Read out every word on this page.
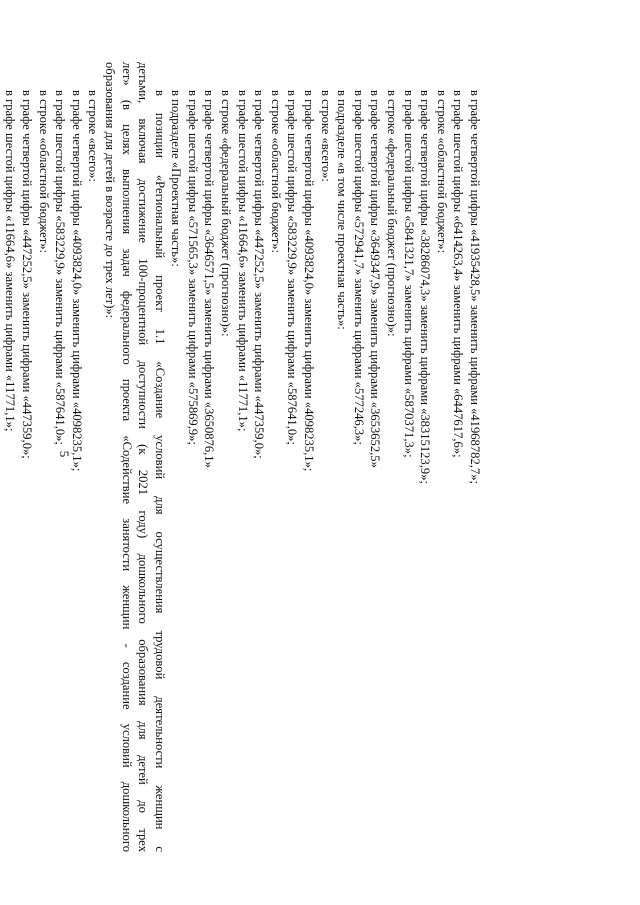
5	в графе четвертой цифры «41935428,5» заменить цифрами «41968782,7»;
в графе шестой цифры «6414263,4» заменить цифрами «6447617,6»;
в строке «областной бюджет»:
в графе четвертой цифры «38286074,3» заменить цифрами «38315123,9»;
в графе шестой цифры «5841321,7» заменить цифрами «5870371,3»;
в строке «федеральный бюджет (прогнозно)»:
в графе четвертой цифры «3649347,9» заменить цифрами «3653652,5»
в графе шестой цифры «572941,7» заменить цифрами «577246,3»;
в подразделе «в том числе проектная часть»:
в строке «всего»:
в графе четвертой цифры «4093824,0» заменить цифрами «4098235,1»;
в графе шестой цифры «583229,9» заменить цифрами «587641,0»;
в строке «областной бюджет»:
в графе четвертой цифры «447252,5» заменить цифрами «447359,0»;
в графе шестой цифры «11664,6» заменить цифрами «11771,1»;
в строке «федеральный бюджет (прогнозно)»:
в графе четвертой цифры «3646571,5» заменить цифрами «3650876,1»
в графе шестой цифры «571565,3» заменить цифрами «575869,9»;
в подразделе «Проектная часть»:
в позиции «Региональный проект 1.1 «Создание условий для осуществления трудовой деятельности женщин с
детьми, включая достижение 100-процентной доступности (к 2021 году) дошкольного образования для детей до трех
лет» (в целях выполнения задач федерального проекта «Содействие занятости женщин - создание условий дошкольного
образования для детей в возрасте до трех лет)»:
в строке «всего»:
в графе четвертой цифры «4093824,0» заменить цифрами «4098235,1»;
в графе шестой цифры «583229,9» заменить цифрами «587641,0»;
в строке «областной бюджет»:
в графе четвертой цифры «447252,5» заменить цифрами «447359,0»;
в графе шестой цифры «11664,6» заменить цифрами «11771,1»;
